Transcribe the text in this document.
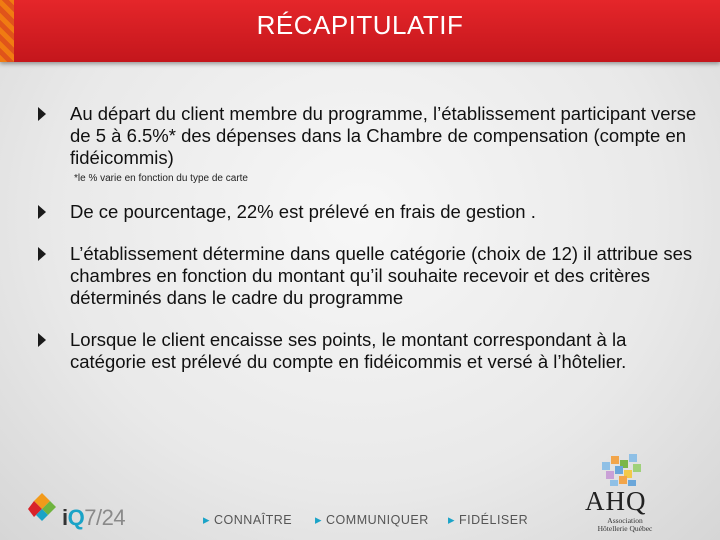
RÉCAPITULATIF
Au départ du client membre du programme, l’établissement participant verse de 5 à 6.5%* des dépenses dans la Chambre de compensation (compte en fidéicommis)
*le % varie en fonction du type de carte
De ce pourcentage, 22% est prélevé en frais de gestion .
L’établissement détermine dans quelle catégorie (choix de 12) il attribue ses chambres en fonction du montant qu’il souhaite recevoir et des critères déterminés dans le cadre du programme
Lorsque le client encaisse ses points, le montant correspondant à la catégorie est prélevé du compte en fidéicommis et versé à l’hôtelier.
iQ7/24	▸ CONNAÎTRE ▸ COMMUNIQUER ▸ FIDÉLISER
AHQ
Association
Hôtellerie Québec
